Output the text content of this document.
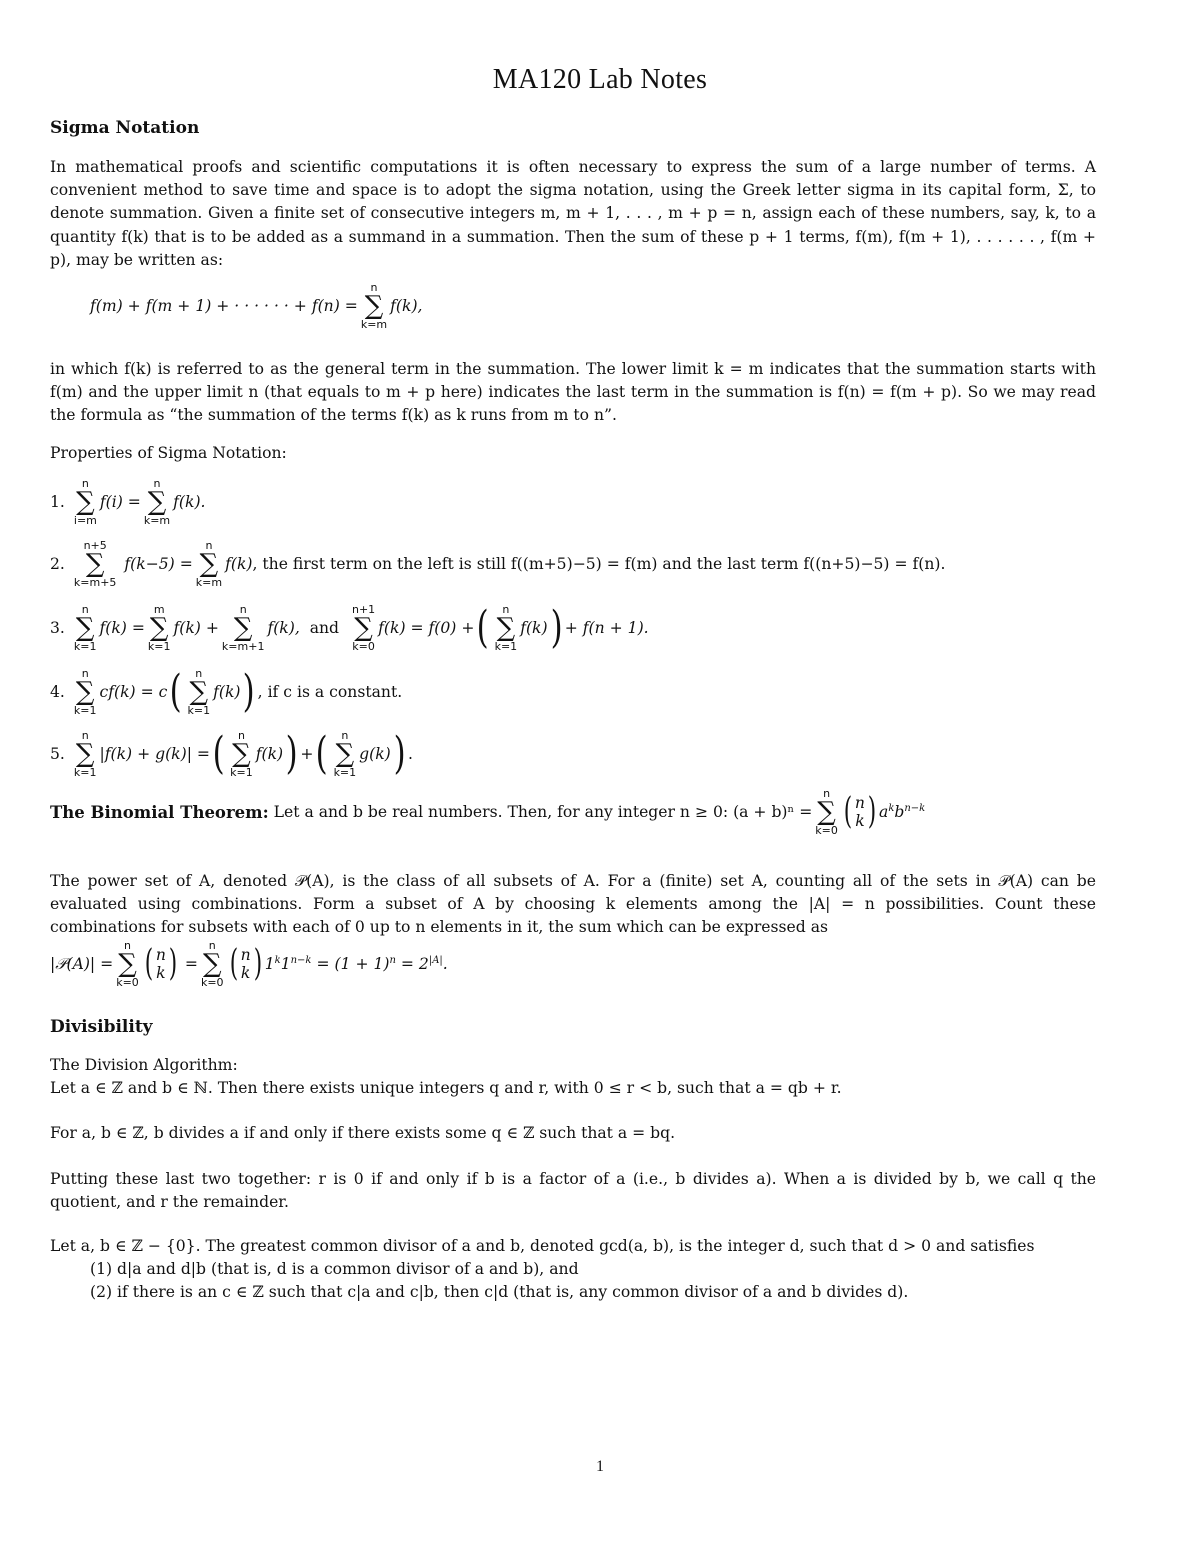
MA120 Lab Notes
Sigma Notation
In mathematical proofs and scientific computations it is often necessary to express the sum of a large number of terms. A convenient method to save time and space is to adopt the sigma notation, using the Greek letter sigma in its capital form, Σ, to denote summation. Given a finite set of consecutive integers m, m + 1, . . . , m + p = n, assign each of these numbers, say, k, to a quantity f(k) that is to be added as a summand in a summation. Then the sum of these p + 1 terms, f(m), f(m + 1), . . . . . . , f(m + p), may be written as:
f(m) + f(m + 1) + · · · · · · + f(n) =
n
∑
k=m
f(k),
in which f(k) is referred to as the general term in the summation. The lower limit k = m indicates that the summation starts with f(m) and the upper limit n (that equals to m + p here) indicates the last term in the summation is f(n) = f(m + p). So we may read the formula as “the summation of the terms f(k) as k runs from m to n”.
Properties of Sigma Notation:
1.
n
∑
i=m
f(i) =
n
∑
k=m
f(k).
2.
n+5
∑
k=m+5
f(k−5) =
n
∑
k=m
f(k) , the first term on the left is still f((m+5)−5) = f(m) and the last term f((n+5)−5) = f(n).
3.
n
∑
k=1
f(k) =
m
∑
k=1
f(k) +
n
∑
k=m+1
f(k), and

n+1
∑
k=0
f(k) = f(0) + ( n
∑
k=1
f(k) ) + f(n + 1).
4.
n
∑
k=1
cf(k) = c ( n
∑
k=1
f(k) ) , if c is a constant.
5.
n
∑
k=1
|f(k) + g(k)| = ( n
∑
k=1
f(k) ) + ( n
∑
k=1
g(k) ) .
The Binomial Theorem:
Let a and b be real numbers. Then, for any integer n ≥ 0: (a + b)ⁿ =
n
∑
k=0 ( n
k ) $a^kb^{n-k}$
The power set of A, denoted 𝒫(A), is the class of all subsets of A. For a (finite) set A, counting all of the sets in 𝒫(A) can be evaluated using combinations. Form a subset of A by choosing k elements among the |A| = n possibilities. Count these combinations for subsets with each of 0 up to n elements in it, the sum which can be expressed as
|𝒫(A)| =
n
∑
k=0 ( n
k ) =
n
∑
k=0 ( n
k ) $1^k1^{n-k} = (1 + 1)^n = 2^{|A|}$.
Divisibility
The Division Algorithm:
Let a ∈ ℤ and b ∈ ℕ. Then there exists unique integers q and r, with 0 ≤ r < b, such that a = qb + r.
For a, b ∈ ℤ, b divides a if and only if there exists some q ∈ ℤ such that a = bq.
Putting these last two together: r is 0 if and only if b is a factor of a (i.e., b divides a). When a is divided by b, we call q the quotient, and r the remainder.
Let a, b ∈ ℤ − {0}. The greatest common divisor of a and b, denoted gcd(a, b), is the integer d, such that d > 0 and satisfies
(1) d|a and d|b (that is, d is a common divisor of a and b), and
(2) if there is an c ∈ ℤ such that c|a and c|b, then c|d (that is, any common divisor of a and b divides d).
1
